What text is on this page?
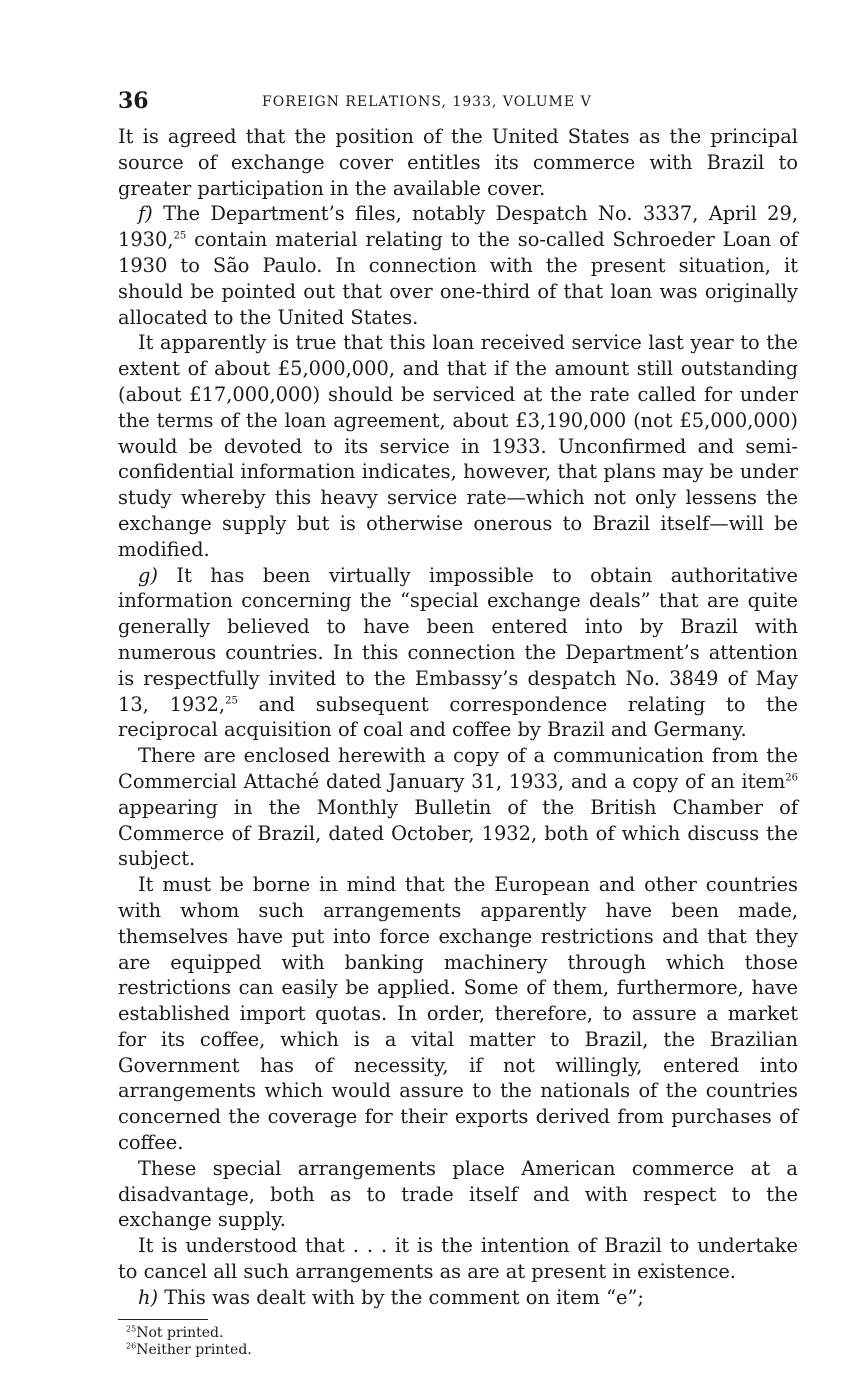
36	FOREIGN RELATIONS, 1933, VOLUME V

It is agreed that the position of the United States as the principal source of exchange cover entitles its commerce with Brazil to greater participation in the available cover.

f) The Department’s files, notably Despatch No. 3337, April 29, 1930,25 contain material relating to the so-called Schroeder Loan of 1930 to São Paulo. In connection with the present situation, it should be pointed out that over one-third of that loan was originally allocated to the United States.

It apparently is true that this loan received service last year to the extent of about £5,000,000, and that if the amount still outstanding (about £17,000,000) should be serviced at the rate called for under the terms of the loan agreement, about £3,190,000 (not £5,000,000) would be devoted to its service in 1933. Unconfirmed and semi-confidential information indicates, however, that plans may be under study whereby this heavy service rate—which not only lessens the exchange supply but is otherwise onerous to Brazil itself—will be modified.

g) It has been virtually impossible to obtain authoritative information concerning the “special exchange deals” that are quite generally believed to have been entered into by Brazil with numerous countries. In this connection the Department’s attention is respectfully invited to the Embassy’s despatch No. 3849 of May 13, 1932,25 and subsequent correspondence relating to the reciprocal acquisition of coal and coffee by Brazil and Germany.

There are enclosed herewith a copy of a communication from the Commercial Attaché dated January 31, 1933, and a copy of an item$^{26}$ appearing in the Monthly Bulletin of the British Chamber of Commerce of Brazil, dated October, 1932, both of which discuss the subject.

It must be borne in mind that the European and other countries with whom such arrangements apparently have been made, themselves have put into force exchange restrictions and that they are equipped with banking machinery through which those restrictions can easily be applied. Some of them, furthermore, have established import quotas. In order, therefore, to assure a market for its coffee, which is a vital matter to Brazil, the Brazilian Government has of necessity, if not willingly, entered into arrangements which would assure to the nationals of the countries concerned the coverage for their exports derived from purchases of coffee.

These special arrangements place American commerce at a disadvantage, both as to trade itself and with respect to the exchange supply.

It is understood that . . . it is the intention of Brazil to undertake to cancel all such arrangements as are at present in existence.

h) This was dealt with by the comment on item “e”;

$^{25}$Not printed.
$^{26}$Neither printed.
